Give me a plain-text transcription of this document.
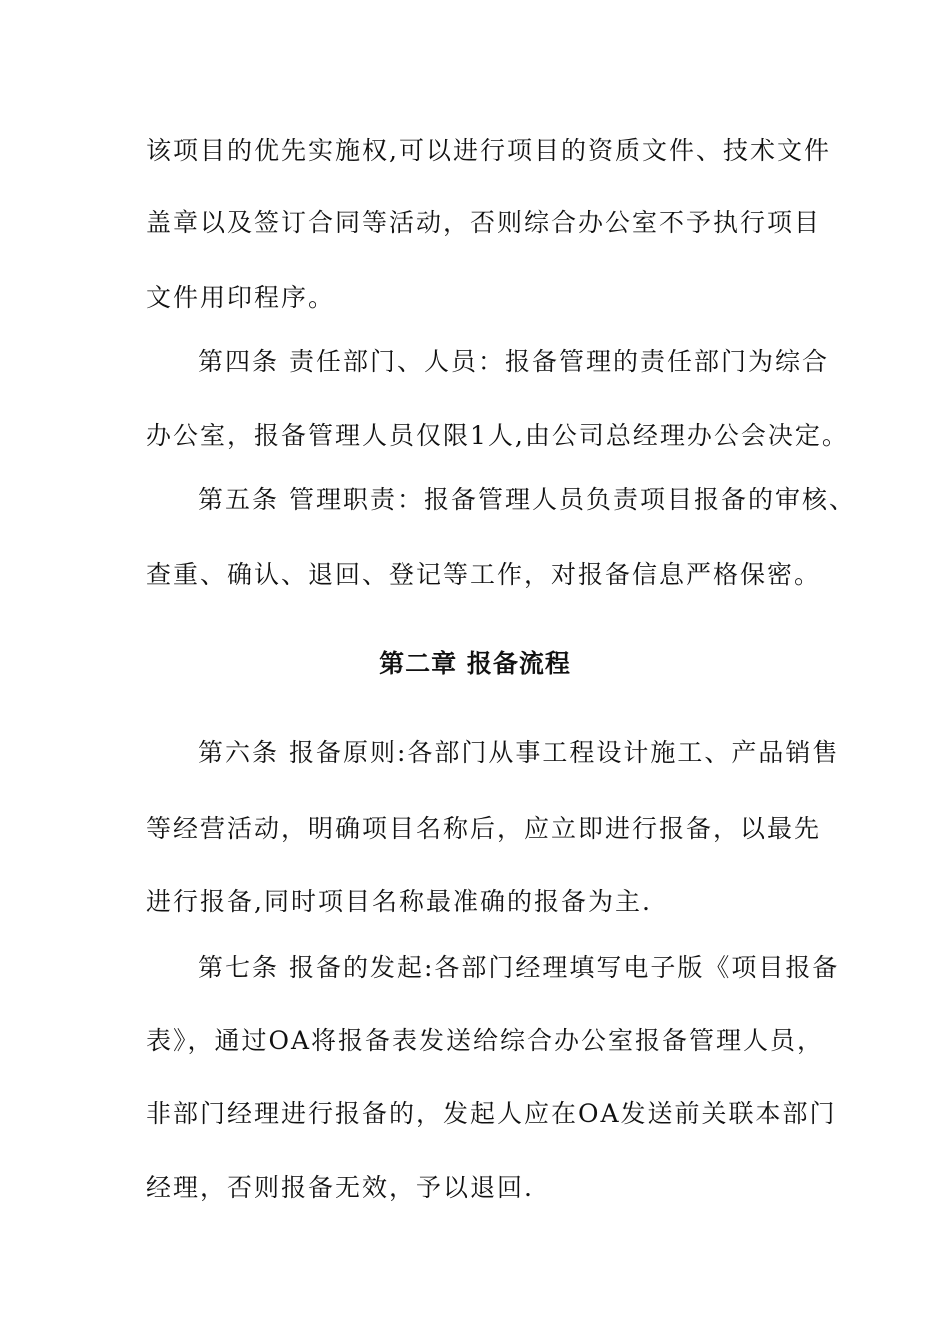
该项目的优先实施权,可以进行项目的资质文件、技术文件
盖章以及签订合同等活动，否则综合办公室不予执行项目
文件用印程序。
第四条 责任部门、人员：报备管理的责任部门为综合
办公室，报备管理人员仅限1人,由公司总经理办公会决定。
第五条 管理职责：报备管理人员负责项目报备的审核、
查重、确认、退回、登记等工作，对报备信息严格保密。
第二章 报备流程
第六条 报备原则:各部门从事工程设计施工、产品销售
等经营活动，明确项目名称后，应立即进行报备，以最先
进行报备,同时项目名称最准确的报备为主.
第七条 报备的发起:各部门经理填写电子版《项目报备
表》，通过OA将报备表发送给综合办公室报备管理人员，
非部门经理进行报备的，发起人应在OA发送前关联本部门
经理，否则报备无效，予以退回.
